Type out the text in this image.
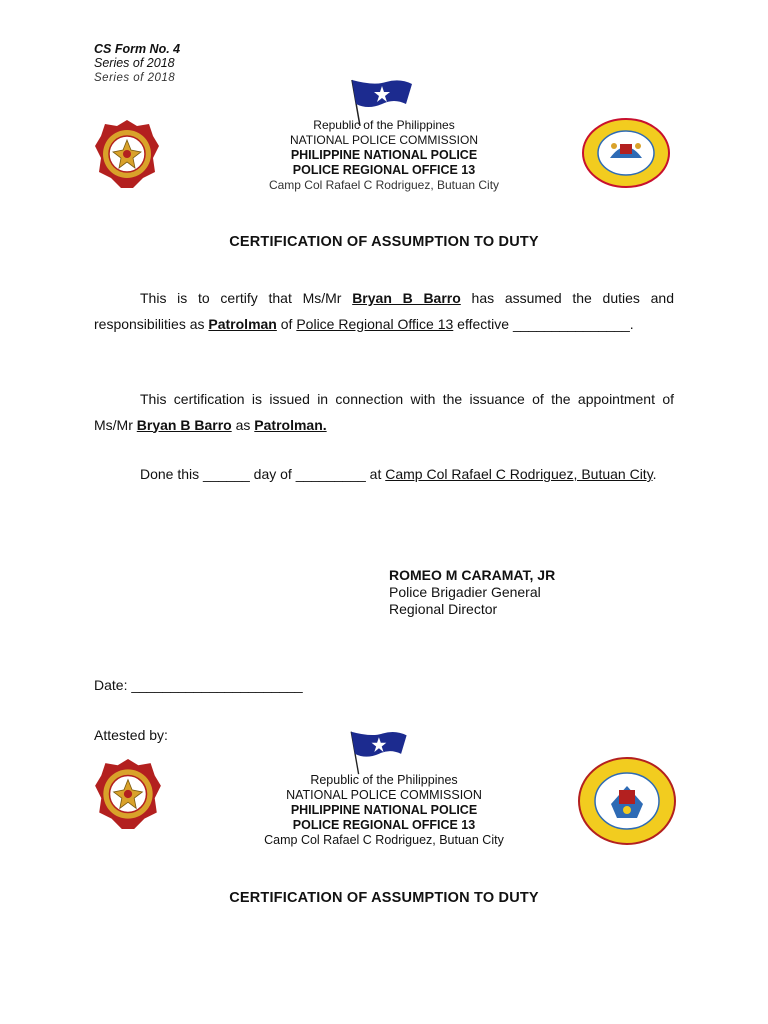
CS Form No. 4
Series of 2018
Series of 2018
Republic of the Philippines
NATIONAL POLICE COMMISSION
PHILIPPINE NATIONAL POLICE
POLICE REGIONAL OFFICE 13
Camp Col Rafael C Rodriguez, Butuan City
CERTIFICATION OF ASSUMPTION TO DUTY
This is to certify that Ms/Mr Bryan B Barro has assumed the duties and responsibilities as Patrolman of Police Regional Office 13 effective _______________.
This certification is issued in connection with the issuance of the appointment of Ms/Mr Bryan B Barro as Patrolman.
Done this ______ day of _________ at Camp Col Rafael C Rodriguez, Butuan City.
ROMEO M CARAMAT, JR
Police Brigadier General
Regional Director
Date: ______________________
Attested by:
Republic of the Philippines
NATIONAL POLICE COMMISSION
PHILIPPINE NATIONAL POLICE
POLICE REGIONAL OFFICE 13
Camp Col Rafael C Rodriguez, Butuan City
CERTIFICATION OF ASSUMPTION TO DUTY
